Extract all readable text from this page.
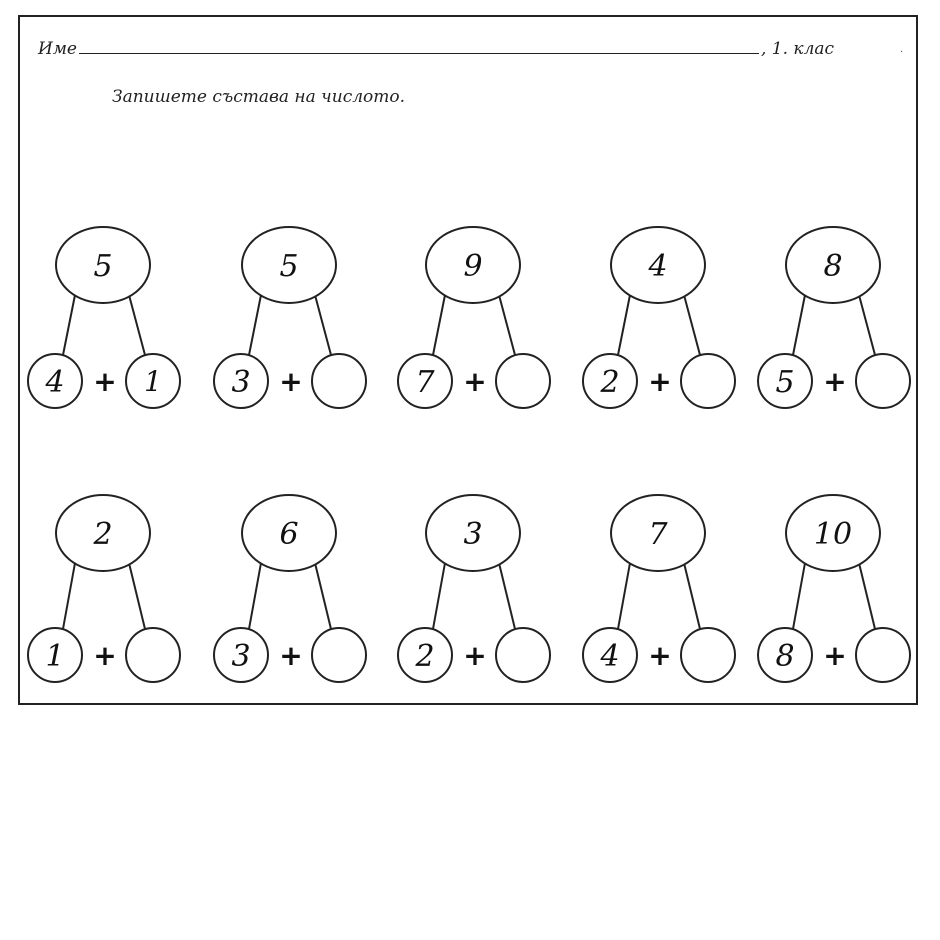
Име	, 1. клас
Запишете състава на числото.
·
5
4	1
+
5
3 +
9
7 +
4
2 +
8
5 +
2
1 +
6
3 +
3
2 +
7
4 +
10
8 +
